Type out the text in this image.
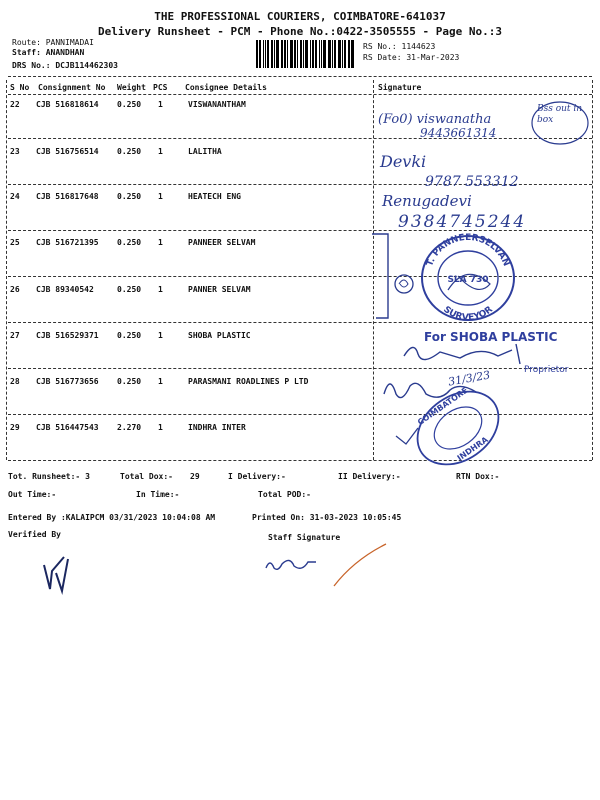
THE PROFESSIONAL COURIERS, COIMBATORE-641037
Delivery Runsheet - PCM - Phone No.:0422-3505555 - Page No.:3
Route: PANNIMADAI
Staff: ANANDHAN
DRS No.: DCJB114462303
RS No.: 1144623
RS Date: 31-Mar-2023
S No Consignment No Weight PCS Consignee Details	Signature
22 CJB 516818614 0.250 1	VISWANANTHAM
23 CJB 516756514 0.250 1	LALITHA
24 CJB 516817648 0.250 1	HEATECH ENG
25 CJB 516721395 0.250 1	PANNEER SELVAM
26 CJB 89340542	0.250 1	PANNER SELVAM
27 CJB 516529371 0.250 1	SHOBA PLASTIC
28 CJB 516773656 0.250 1	PARASMANI ROADLINES P LTD
29 CJB 516447543 2.270 1	INDHRA INTER
(Fo0) viswanatha
9443661314
Bss out in box
Devki
9787 553312
Renugadevi
9384745244
T. PANNEERSELVAN
SURVEYOR
SLA 730
For SHOBA PLASTIC
Proprietor
31/3/23
COIMBATORE
INDHRA
Tot. Runsheet:- 3	Total Dox:- 29	I Delivery:-	II Delivery:-	RTN Dox:-
Out Time:-	In Time:-	Total POD:-
Entered By :KALAIPCM 03/31/2023 10:04:08 AM	Printed On: 31-03-2023 10:05:45
Verified By	Staff Signature
